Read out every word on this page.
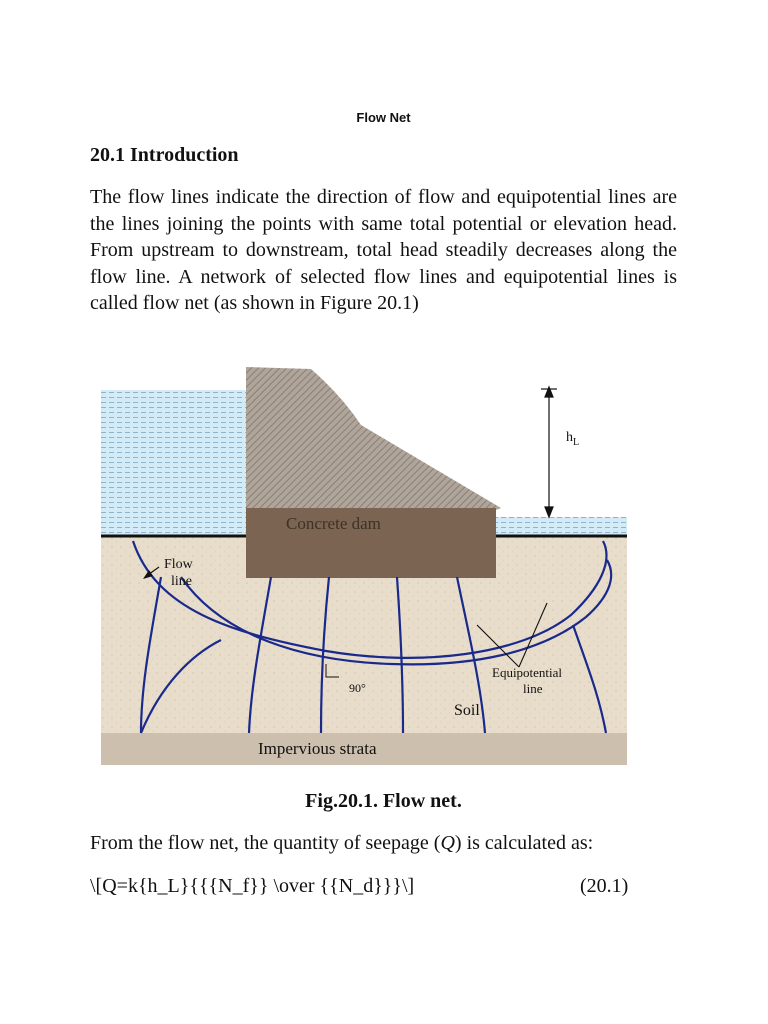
Flow Net
20.1 Introduction

The flow lines indicate the direction of flow and equipotential lines are the lines joining the points with same total potential or elevation head. From upstream to downstream, total head steadily decreases along the flow line. A network of selected flow lines and equipotential lines is called flow net (as shown in Figure 20.1)

Concrete dam
$h_L$
Flow
line
90°
Equipotential
line
Soil
Impervious strata
Fig.20.1. Flow net.
From the flow net, the quantity of seepage (Q) is calculated as:
\[Q=k{h_L}{{{N_f}} \over {{N_d}}}\]	(20.1)
